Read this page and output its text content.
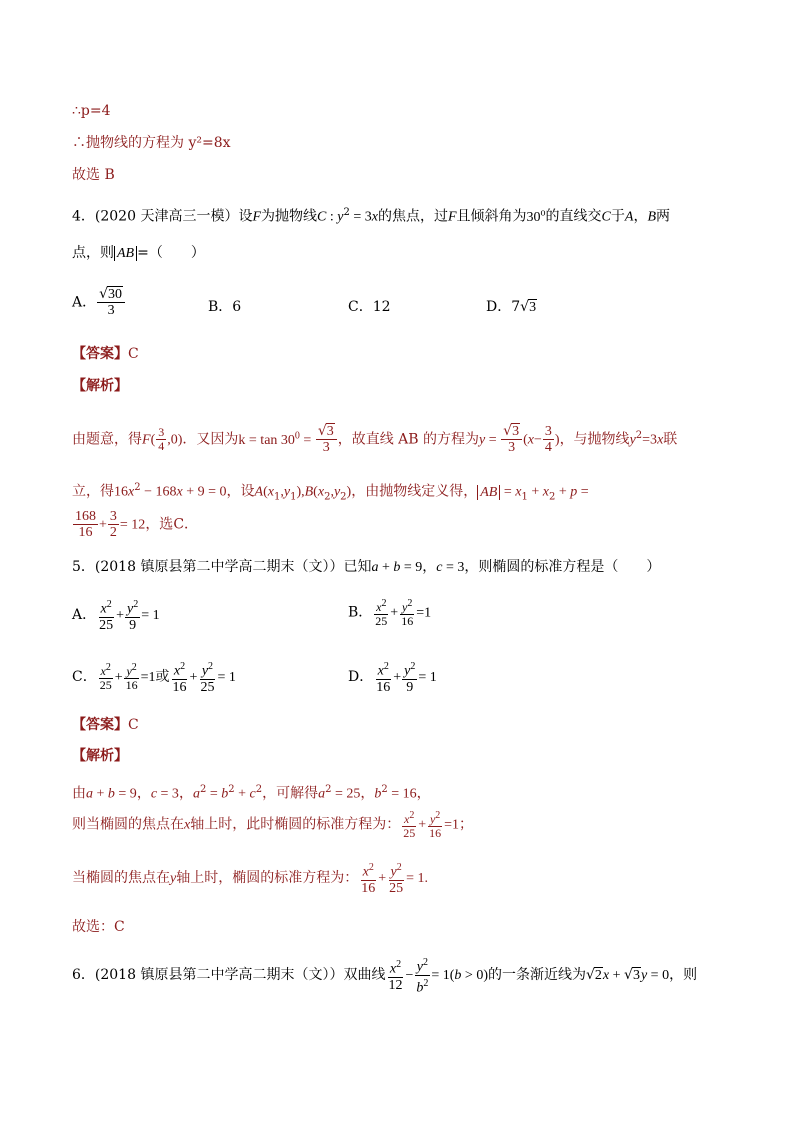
∴p=4
∴抛物线的方程为 y²=8x
故选 B
4．(2020 天津高三一模）设F为抛物线C : $y^2 = 3x$的焦点，过F且倾斜角为30$^o$的直线交C于A，B两
点，则 AB =（　　）
A． $\frac{√30}{3}$	B．6	C．12	D．7√3
【答案】C
【解析】
由题意，得$F( \frac{3}{4} ,0)$．又因为$k = \tan 30^0 = \frac{√3}{3}$ ，故直线 AB 的方程为$y = \frac{√3}{3} (x- \frac{3}{4}$ )，与抛物线$y^2=3x$联
立，得$16x^2 - 168x + 9 = 0$，设$A(x_1,y_1),B(x_2,y_2)$，由抛物线定义得， AB = $x_1 + x_2 + p$ =
$\frac{168}{16} + \frac{3}{2} = 12$，选C．
5．(2018 镇原县第二中学高二期末（文））已知a + b = 9，c = 3，则椭圆的标准方程是（　　）
A． $\frac{x^2}{25} + \frac{y^2}{9} = 1$	B． $\frac{x^2}{25} + \frac{y^2}{16} =1$
C． $\frac{x^2}{25} + \frac{y^2}{16} =1$或 $\frac{x^2}{16} + \frac{y^2}{25} = 1$	D． $\frac{x^2}{16} + \frac{y^2}{9} = 1$
【答案】C
【解析】
由a + b = 9，c = 3，$a^2 = b^2 + c^2$，可解得$a^2 = 25$，$b^2 = 16$，
则当椭圆的焦点在x轴上时，此时椭圆的标准方程为： $\frac{x^2}{25} + \frac{y^2}{16} =1$；
当椭圆的焦点在y轴上时，椭圆的标准方程为： $\frac{x^2}{16} + \frac{y^2}{25} = 1$.
故选：C
6．(2018 镇原县第二中学高二期末（文））双曲线 $\frac{x^2}{12} - \frac{y^2}{b^2} = 1(b > 0)$的一条渐近线为√2x + √3y = 0，则
